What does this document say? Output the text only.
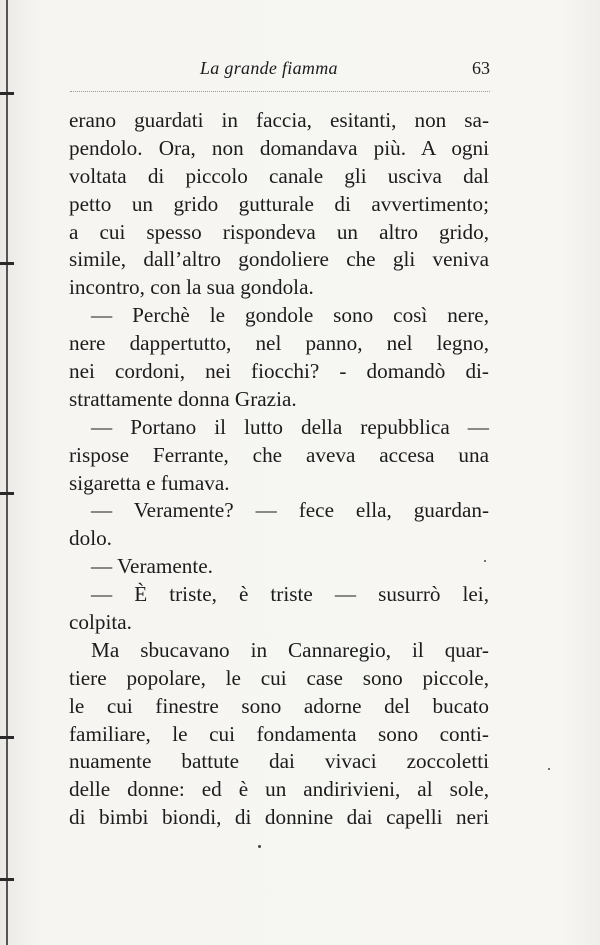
La grande fiamma	63
erano guardati in faccia, esitanti, non sa-
pendolo. Ora, non domandava più. A ogni
voltata di piccolo canale gli usciva dal
petto un grido gutturale di avvertimento;
a cui spesso rispondeva un altro grido,
simile, dall’altro gondoliere che gli veniva
incontro, con la sua gondola.
— Perchè le gondole sono così nere,
nere dappertutto, nel panno, nel legno,
nei cordoni, nei fiocchi? - domandò di-
strattamente donna Grazia.
— Portano il lutto della repubblica —
rispose Ferrante, che aveva accesa una
sigaretta e fumava.
— Veramente? — fece ella, guardan-
dolo.
— Veramente.
— È triste, è triste — susurrò lei,
colpita.
Ma sbucavano in Cannaregio, il quar-
tiere popolare, le cui case sono piccole,
le cui finestre sono adorne del bucato
familiare, le cui fondamenta sono conti-
nuamente battute dai vivaci zoccoletti
delle donne: ed è un andirivieni, al sole,
di bimbi biondi, di donnine dai capelli neri
